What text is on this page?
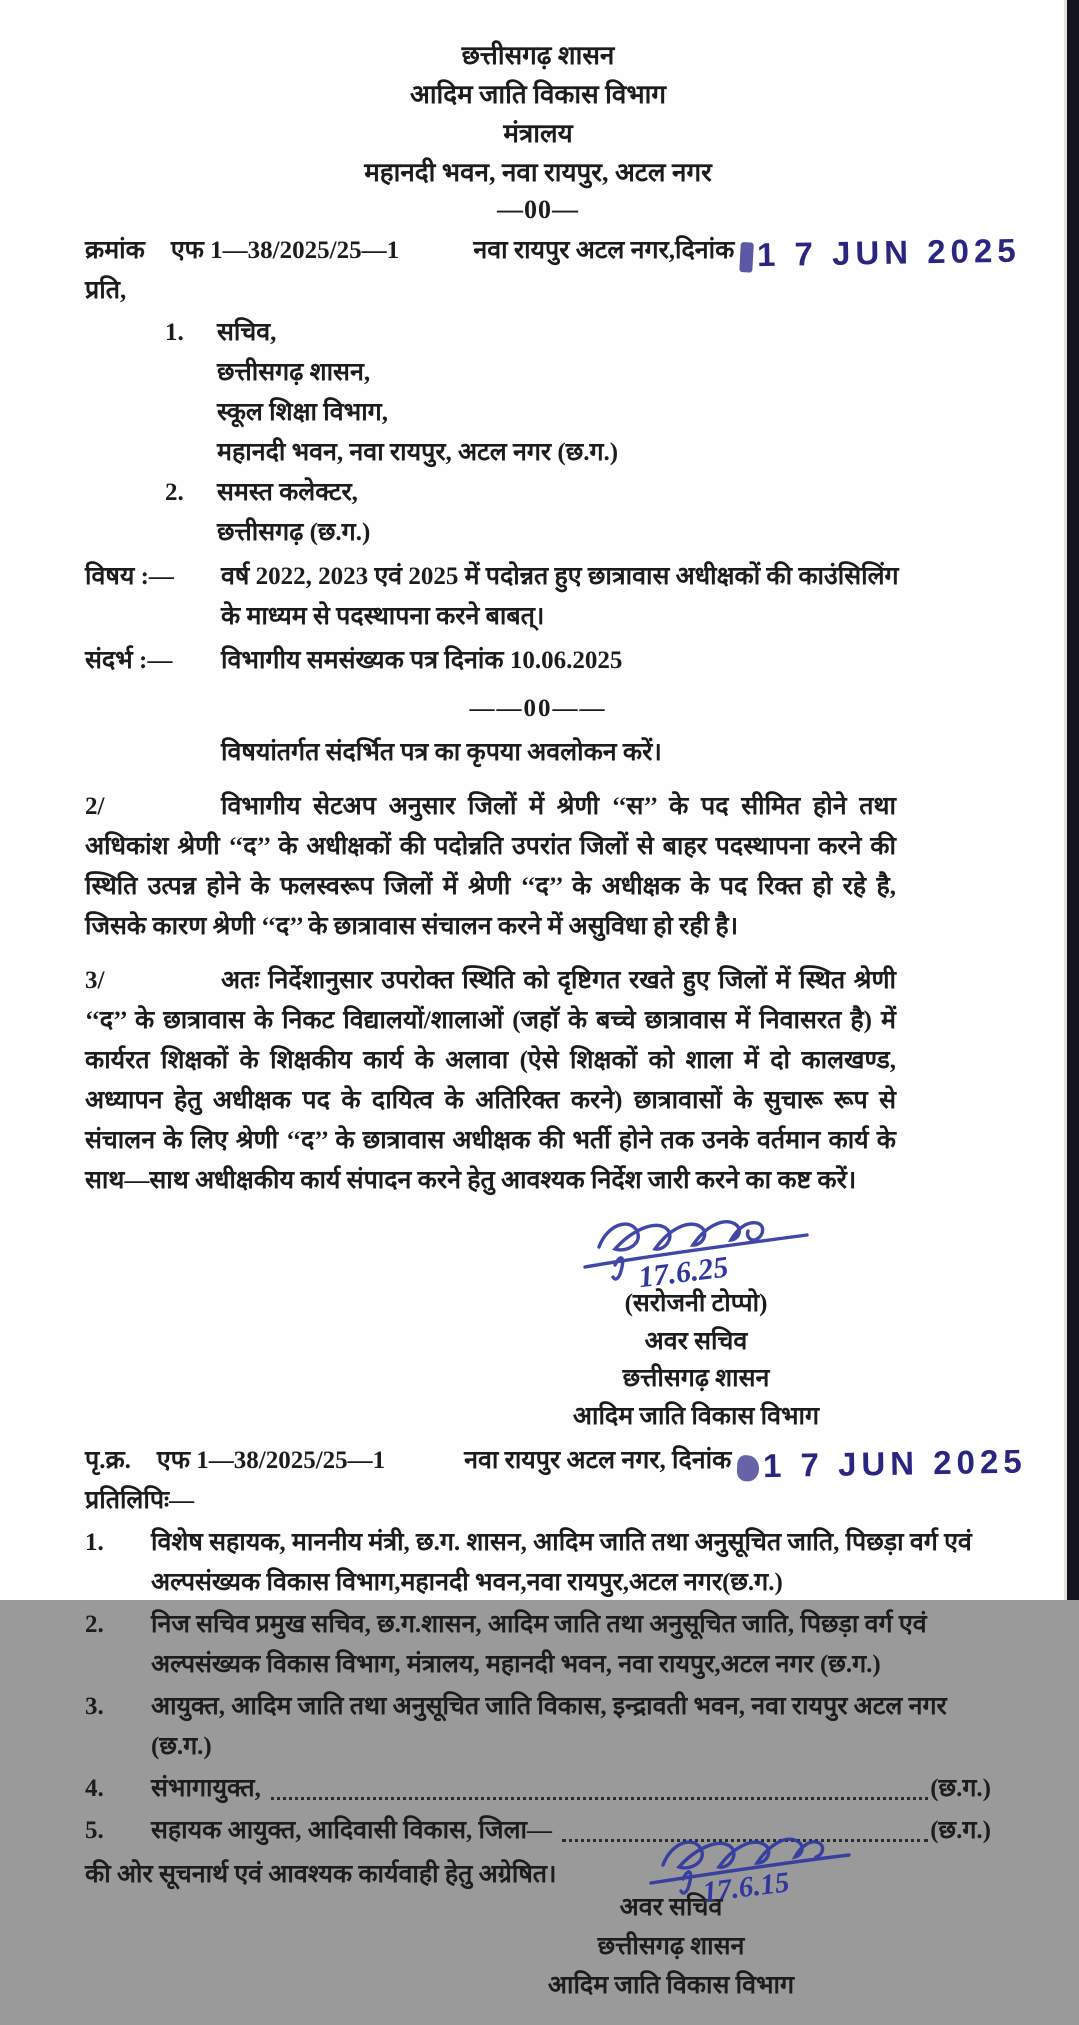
छत्तीसगढ़ शासन
आदिम जाति विकास विभाग
मंत्रालय
महानदी भवन, नवा रायपुर, अटल नगर
—00—
क्रमांक एफ 1—38/2025/25—1	नवा रायपुर अटल नगर,दिनांक 1 7 JUN 2025
प्रति,
1.	सचिव,
छत्तीसगढ़ शासन,
स्कूल शिक्षा विभाग,
महानदी भवन, नवा रायपुर, अटल नगर (छ.ग.)
2.	समस्त कलेक्टर,
छत्तीसगढ़ (छ.ग.)
विषय :—	वर्ष 2022, 2023 एवं 2025 में पदोन्नत हुए छात्रावास अधीक्षकों की काउंसिलिंग के माध्यम से पदस्थापना करने बाबत्।
संदर्भ :—	विभागीय समसंख्यक पत्र दिनांक 10.06.2025
——00——

विषयांतर्गत संदर्भित पत्र का कृपया अवलोकन करें।

2/	विभागीय सेटअप अनुसार जिलों में श्रेणी ‘‘स’’ के पद सीमित होने तथा अधिकांश श्रेणी ‘‘द’’ के अधीक्षकों की पदोन्नति उपरांत जिलों से बाहर पदस्थापना करने की स्थिति उत्पन्न होने के फलस्वरूप जिलों में श्रेणी ‘‘द’’ के अधीक्षक के पद रिक्त हो रहे है, जिसके कारण श्रेणी ‘‘द’’ के छात्रावास संचालन करने में असुविधा हो रही है।

3/	अतः निर्देशानुसार उपरोक्त स्थिति को दृष्टिगत रखते हुए जिलों में स्थित श्रेणी ‘‘द’’ के छात्रावास के निकट विद्यालयों/शालाओं (जहाॅ के बच्चे छात्रावास में निवासरत है) में कार्यरत शिक्षकों के शिक्षकीय कार्य के अलावा (ऐसे शिक्षकों को शाला में दो कालखण्ड, अध्यापन हेतु अधीक्षक पद के दायित्व के अतिरिक्त करने) छात्रावासों के सुचारू रूप से संचालन के लिए श्रेणी ‘‘द’’ के छात्रावास अधीक्षक की भर्ती होने तक उनके वर्तमान कार्य के साथ—साथ अधीक्षकीय कार्य संपादन करने हेतु आवश्यक निर्देश जारी करने का कष्ट करें।

17.6.25
(सरोजनी टोप्पो)
अवर सचिव
छत्तीसगढ़ शासन
आदिम जाति विकास विभाग
पृ.क्र. एफ 1—38/2025/25—1	नवा रायपुर अटल नगर, दिनांक 1 7 JUN 2025
प्रतिलिपिः—
1.	विशेष सहायक, माननीय मंत्री, छ.ग. शासन, आदिम जाति तथा अनुसूचित जाति, पिछड़ा वर्ग एवं अल्पसंख्यक विकास विभाग,महानदी भवन,नवा रायपुर,अटल नगर(छ.ग.)
2.	निज सचिव प्रमुख सचिव, छ.ग.शासन, आदिम जाति तथा अनुसूचित जाति, पिछड़ा वर्ग एवं अल्पसंख्यक विकास विभाग, मंत्रालय, महानदी भवन, नवा रायपुर,अटल नगर (छ.ग.)
3.	आयुक्त, आदिम जाति तथा अनुसूचित जाति विकास, इन्द्रावती भवन, नवा रायपुर अटल नगर (छ.ग.)
4.	संभागायुक्त,	(छ.ग.)
5.	सहायक आयुक्त, आदिवासी विकास, जिला—	(छ.ग.)
की ओर सूचनार्थ एवं आवश्यक कार्यवाही हेतु अग्रेषित।	17.6.15
अवर सचिव
छत्तीसगढ़ शासन
आदिम जाति विकास विभाग
